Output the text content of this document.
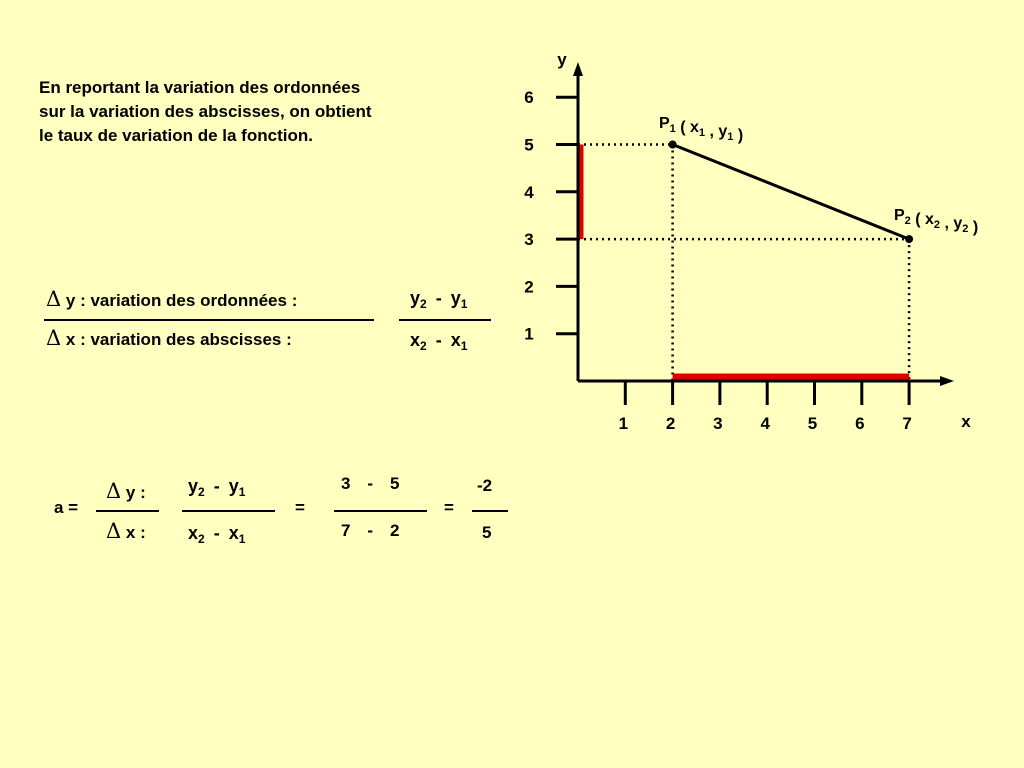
En reportant la variation des ordonnées
sur la variation des abscisses, on obtient
le taux de variation de la fonction.
Δ y : variation des ordonnées :
Δ x : variation des abscisses :
$y_2 - y_1$
$x_2 - x_1$
a =
Δ y :
Δ x :
$y_2 - y_1$
$x_2 - x_1$
=
3 - 5
7 - 2
=
-2
5
1
2
3
4
5
6
1 2 3 4 5 6 7
y
x
$P_1$ ( $x_1$ , $y_1$ )
$P_2$ ( $x_2$ , $y_2$ )
